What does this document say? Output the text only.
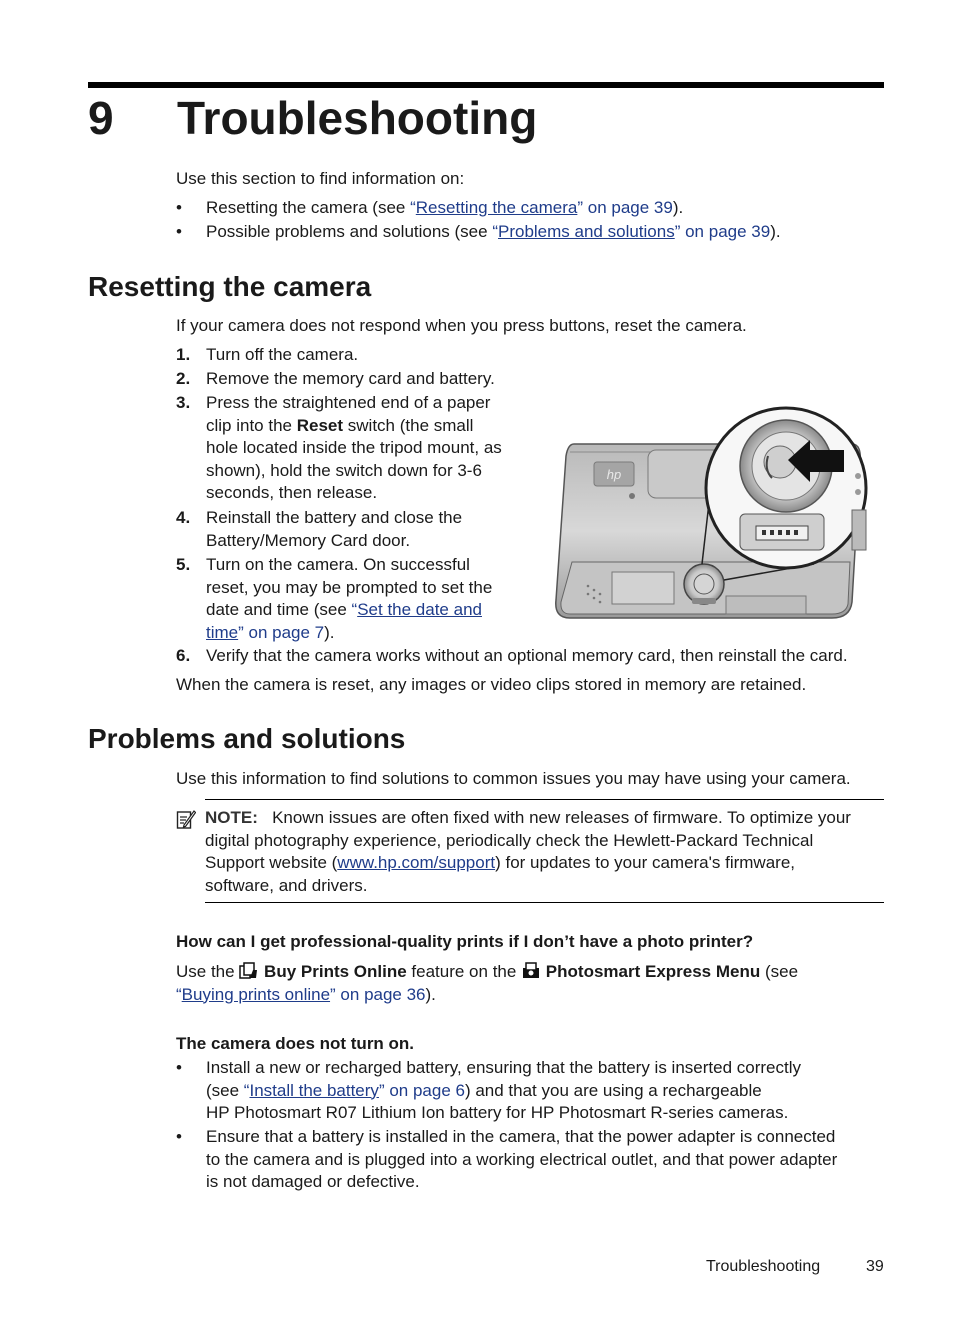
9 Troubleshooting
Use this section to find information on:
• Resetting the camera (see “Resetting the camera” on page 39).
• Possible problems and solutions (see “Problems and solutions” on page 39).
Resetting the camera
If your camera does not respond when you press buttons, reset the camera.
1. Turn off the camera.
2. Remove the memory card and battery.
3. Press the straightened end of a paper
clip into the Reset switch (the small
hole located inside the tripod mount, as
shown), hold the switch down for 3-6
seconds, then release.
4. Reinstall the battery and close the
Battery/Memory Card door.
5. Turn on the camera. On successful
reset, you may be prompted to set the
date and time (see “Set the date and
time” on page 7).
hp
6. Verify that the camera works without an optional memory card, then reinstall the card.
When the camera is reset, any images or video clips stored in memory are retained.
Problems and solutions
Use this information to find solutions to common issues you may have using your camera.
NOTE: Known issues are often fixed with new releases of firmware. To optimize your
digital photography experience, periodically check the Hewlett-Packard Technical
Support website (www.hp.com/support) for updates to your camera's firmware,
software, and drivers.
How can I get professional-quality prints if I don’t have a photo printer?
Use the  Buy Prints Online feature on the  Photosmart Express Menu (see
“Buying prints online” on page 36).
The camera does not turn on.
• Install a new or recharged battery, ensuring that the battery is inserted correctly
(see “Install the battery” on page 6) and that you are using a rechargeable
HP Photosmart R07 Lithium Ion battery for HP Photosmart R-series cameras.
• Ensure that a battery is installed in the camera, that the power adapter is connected
to the camera and is plugged into a working electrical outlet, and that power adapter
is not damaged or defective.
Troubleshooting	39
